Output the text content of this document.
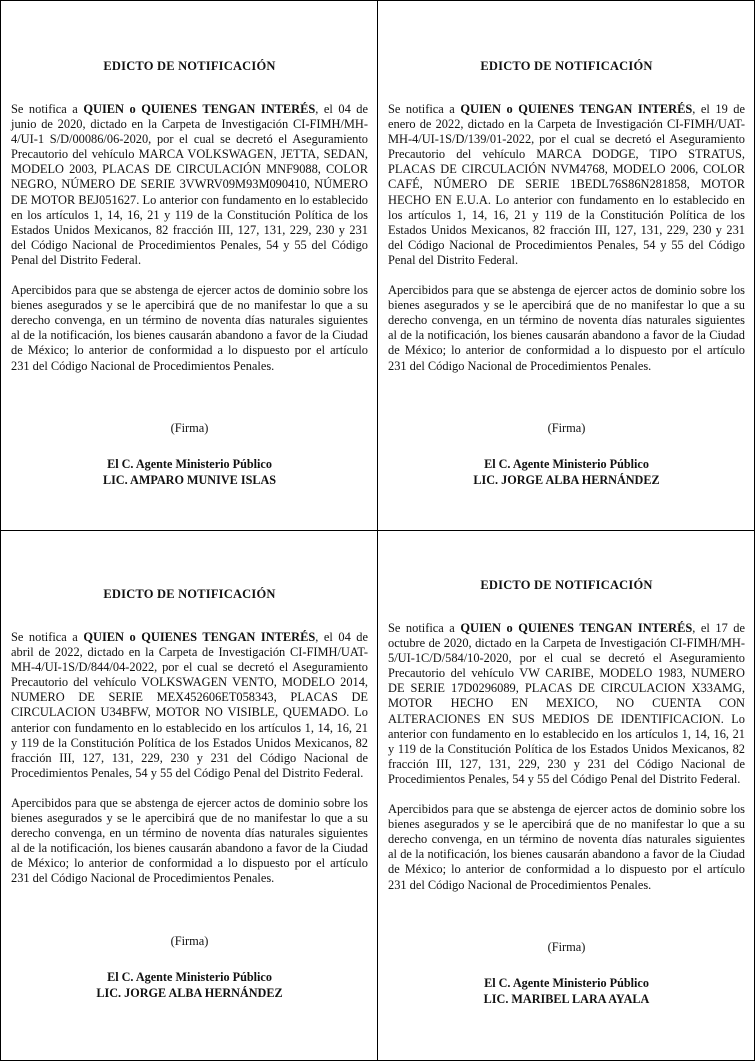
EDICTO DE NOTIFICACIÓN

Se notifica a QUIEN o QUIENES TENGAN INTERÉS, el 04 de junio de 2020, dictado en la Carpeta de Investigación CI-FIMH/MH-4/UI-1 S/D/00086/06-2020, por el cual se decretó el Aseguramiento Precautorio del vehículo MARCA VOLKSWAGEN, JETTA, SEDAN, MODELO 2003, PLACAS DE CIRCULACIÓN MNF9088, COLOR NEGRO, NÚMERO DE SERIE 3VWRV09M93M090410, NÚMERO DE MOTOR BEJ051627. Lo anterior con fundamento en lo establecido en los artículos 1, 14, 16, 21 y 119 de la Constitución Política de los Estados Unidos Mexicanos, 82 fracción III, 127, 131, 229, 230 y 231 del Código Nacional de Procedimientos Penales, 54 y 55 del Código Penal del Distrito Federal.

Apercibidos para que se abstenga de ejercer actos de dominio sobre los bienes asegurados y se le apercibirá que de no manifestar lo que a su derecho convenga, en un término de noventa días naturales siguientes al de la notificación, los bienes causarán abandono a favor de la Ciudad de México; lo anterior de conformidad a lo dispuesto por el artículo 231 del Código Nacional de Procedimientos Penales.

(Firma)
El C. Agente Ministerio Público
LIC. AMPARO MUNIVE ISLAS
EDICTO DE NOTIFICACIÓN

Se notifica a QUIEN o QUIENES TENGAN INTERÉS, el 19 de enero de 2022, dictado en la Carpeta de Investigación CI-FIMH/UAT-MH-4/UI-1S/D/139/01-2022, por el cual se decretó el Aseguramiento Precautorio del vehículo MARCA DODGE, TIPO STRATUS, PLACAS DE CIRCULACIÓN NVM4768, MODELO 2006, COLOR CAFÉ, NÚMERO DE SERIE 1BEDL76S86N281858, MOTOR HECHO EN E.U.A. Lo anterior con fundamento en lo establecido en los artículos 1, 14, 16, 21 y 119 de la Constitución Política de los Estados Unidos Mexicanos, 82 fracción III, 127, 131, 229, 230 y 231 del Código Nacional de Procedimientos Penales, 54 y 55 del Código Penal del Distrito Federal.

Apercibidos para que se abstenga de ejercer actos de dominio sobre los bienes asegurados y se le apercibirá que de no manifestar lo que a su derecho convenga, en un término de noventa días naturales siguientes al de la notificación, los bienes causarán abandono a favor de la Ciudad de México; lo anterior de conformidad a lo dispuesto por el artículo 231 del Código Nacional de Procedimientos Penales.

(Firma)
El C. Agente Ministerio Público
LIC. JORGE ALBA HERNÁNDEZ
EDICTO DE NOTIFICACIÓN

Se notifica a QUIEN o QUIENES TENGAN INTERÉS, el 04 de abril de 2022, dictado en la Carpeta de Investigación CI-FIMH/UAT-MH-4/UI-1S/D/844/04-2022, por el cual se decretó el Aseguramiento Precautorio del vehículo VOLKSWAGEN VENTO, MODELO 2014, NUMERO DE SERIE MEX452606ET058343, PLACAS DE CIRCULACION U34BFW, MOTOR NO VISIBLE, QUEMADO. Lo anterior con fundamento en lo establecido en los artículos 1, 14, 16, 21 y 119 de la Constitución Política de los Estados Unidos Mexicanos, 82 fracción III, 127, 131, 229, 230 y 231 del Código Nacional de Procedimientos Penales, 54 y 55 del Código Penal del Distrito Federal.

Apercibidos para que se abstenga de ejercer actos de dominio sobre los bienes asegurados y se le apercibirá que de no manifestar lo que a su derecho convenga, en un término de noventa días naturales siguientes al de la notificación, los bienes causarán abandono a favor de la Ciudad de México; lo anterior de conformidad a lo dispuesto por el artículo 231 del Código Nacional de Procedimientos Penales.

(Firma)
El C. Agente Ministerio Público
LIC. JORGE ALBA HERNÁNDEZ
EDICTO DE NOTIFICACIÓN

Se notifica a QUIEN o QUIENES TENGAN INTERÉS, el 17 de octubre de 2020, dictado en la Carpeta de Investigación CI-FIMH/MH-5/UI-1C/D/584/10-2020, por el cual se decretó el Aseguramiento Precautorio del vehículo VW CARIBE, MODELO 1983, NUMERO DE SERIE 17D0296089, PLACAS DE CIRCULACION X33AMG, MOTOR HECHO EN MEXICO, NO CUENTA CON ALTERACIONES EN SUS MEDIOS DE IDENTIFICACION. Lo anterior con fundamento en lo establecido en los artículos 1, 14, 16, 21 y 119 de la Constitución Política de los Estados Unidos Mexicanos, 82 fracción III, 127, 131, 229, 230 y 231 del Código Nacional de Procedimientos Penales, 54 y 55 del Código Penal del Distrito Federal.

Apercibidos para que se abstenga de ejercer actos de dominio sobre los bienes asegurados y se le apercibirá que de no manifestar lo que a su derecho convenga, en un término de noventa días naturales siguientes al de la notificación, los bienes causarán abandono a favor de la Ciudad de México; lo anterior de conformidad a lo dispuesto por el artículo 231 del Código Nacional de Procedimientos Penales.

(Firma)
El C. Agente Ministerio Público
LIC. MARIBEL LARA AYALA
